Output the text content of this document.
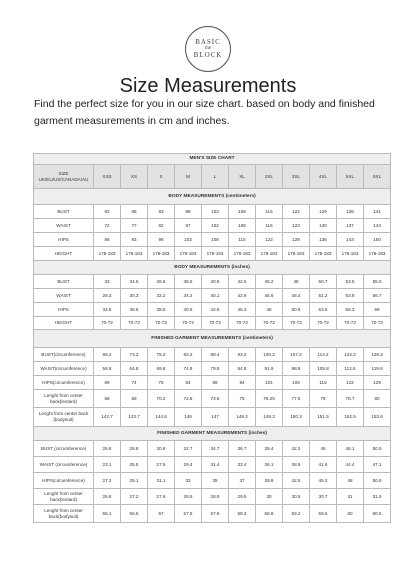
BASIC
the
BLOCK
Size Measurements
Find the perfect size for you in our size chart. based on body and finished garment measurements in cm and inches.
MEN'S SIZE CHART											
SIZE
UK/EU/US/CANADA/AU	XXS	XS	S	M	L	XL	2XL	3XL	4XL	5XL	6XL
BODY MEASUREMENTS (centimeters)											
BUST	83	88	93	98	103	108	115	122	129	136	141
WAIST	72	77	82	87	102	109	116	123	130	137	144
HIPS	86	93	98	103	108	115	122	129	136	143	150
HEIGHT	178-183	178-183	178-183	178-183	178-183	178-183	178-183	178-183	178-183	178-183	178-183
BODY MEASUREMENTS (inches)											
BUST	33	34.6	36.6	38.5	40.5	42.5	45.2	48	50.7	53.5	55.5
WAIST	28.3	30.3	32.2	34.2	40.1	42.9	45.6	48.4	51.2	53.9	56.7
HIPS	34.6	36.6	38.6	40.5	42.5	45.3	48	50.8	53.5	56.3	59
HEIGHT	70-72	70-72	70-72	70-72	70-72	70-72	70-72	70-72	70-72	70-72	70-72
FINISHED GARMENT MEASUREMENTS (centimeters)											
BUST(circumference)	68.2	73.2	78.2	83.2	88.4	93.2	100.2	107.2	114.2	122.2	128.2
WAIST(circumference)	58.8	64.8	69.8	74.8	79.8	84.8	91.9	98.8	105.8	112.8	119.8
HIPS(circumference)	69	74	79	84	89	94	101	108	115	122	129
Lenght from center back(leotard)	68	69	70.2	72.5	73.5	75	76.25	77.5	78	78.7	80
Lenght from center back (bodysuit)	142.7	143.7	144.8	146	147	148.2	149.3	150.3	151.5	152.5	153.6
FINISHED GARMENT MEASUREMENTS (inches)											
BUST (circumference)	26.8	28.8	30.8	32.7	34.7	36.7	39.4	42.2	45	48.1	50.5
WAIST (circumference)	23.1	25.5	27.5	29.4	31.4	33.4	36.1	38.9	41.6	44.4	47.1
HIPS(circumference)	27.2	29.1	31.1	33	35	37	39.8	42.5	45.3	48	50.8
Lenght from center back(leotard)	26.8	27.2	27.6	28.5	28.9	29.5	30	30.5	30.7	31	31.5
Lenght from center back(bodysuit)	56.1	56.6	57	57.5	57.9	58.3	58.8	59.2	59.6	60	60.5
